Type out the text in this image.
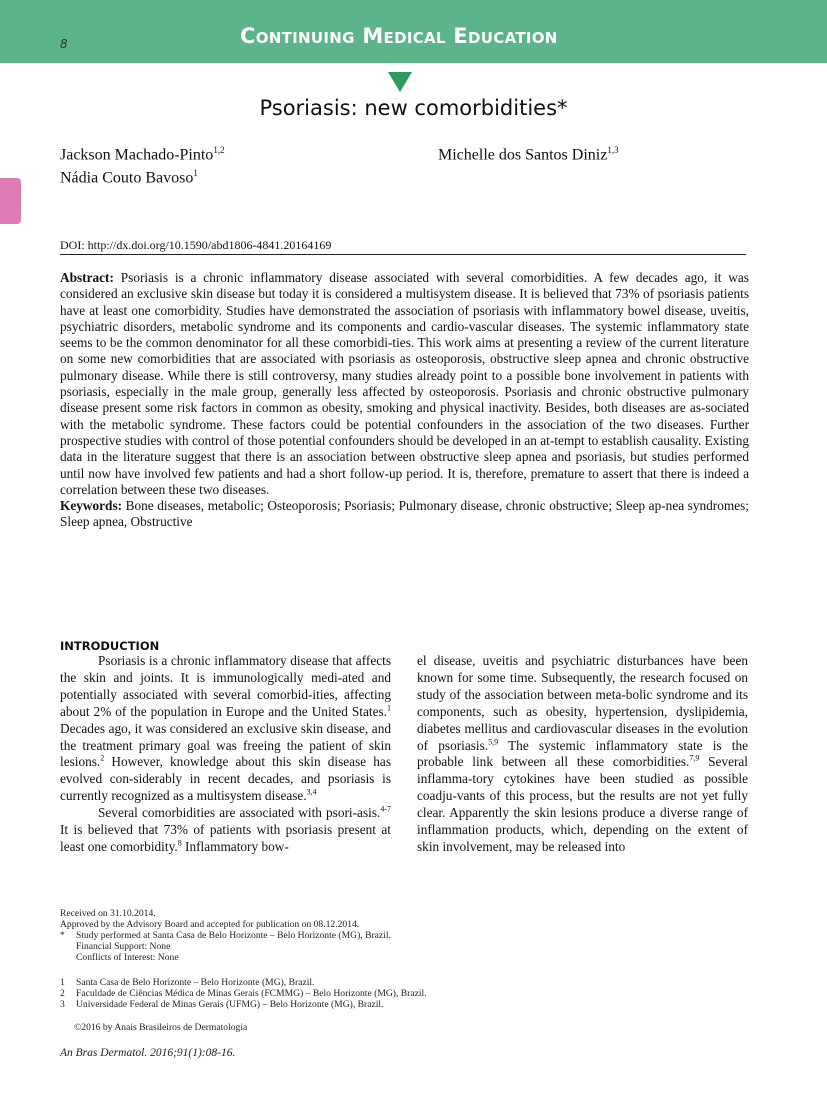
8	Continuing Medical Education
Psoriasis: new comorbidities*
Jackson Machado-Pinto$^{1,2}$	Michelle dos Santos Diniz$^{1,3}$
Nádia Couto Bavoso$^1$
DOI: http://dx.doi.org/10.1590/abd1806-4841.20164169
Abstract: Psoriasis is a chronic inflammatory disease associated with several comorbidities. A few decades ago, it was considered an exclusive skin disease but today it is considered a multisystem disease. It is believed that 73% of psoriasis patients have at least one comorbidity. Studies have demonstrated the association of psoriasis with inflammatory bowel disease, uveitis, psychiatric disorders, metabolic syndrome and its components and cardio-vascular diseases. The systemic inflammatory state seems to be the common denominator for all these comorbidi-ties. This work aims at presenting a review of the current literature on some new comorbidities that are associated with psoriasis as osteoporosis, obstructive sleep apnea and chronic obstructive pulmonary disease. While there is still controversy, many studies already point to a possible bone involvement in patients with psoriasis, especially in the male group, generally less affected by osteoporosis. Psoriasis and chronic obstructive pulmonary disease present some risk factors in common as obesity, smoking and physical inactivity. Besides, both diseases are as-sociated with the metabolic syndrome. These factors could be potential confounders in the association of the two diseases. Further prospective studies with control of those potential confounders should be developed in an at-tempt to establish causality. Existing data in the literature suggest that there is an association between obstructive sleep apnea and psoriasis, but studies performed until now have involved few patients and had a short follow-up period. It is, therefore, premature to assert that there is indeed a correlation between these two diseases.
Keywords: Bone diseases, metabolic; Osteoporosis; Psoriasis; Pulmonary disease, chronic obstructive; Sleep ap-nea syndromes; Sleep apnea, Obstructive
INTRODUCTION

Psoriasis is a chronic inflammatory disease that affects the skin and joints. It is immunologically medi-ated and potentially associated with several comorbid-ities, affecting about 2% of the population in Europe and the United States.$^1$ Decades ago, it was considered an exclusive skin disease, and the treatment primary goal was freeing the patient of skin lesions.$^2$ However, knowledge about this skin disease has evolved con-siderably in recent decades, and psoriasis is currently recognized as a multisystem disease.$^{3,4}$

Several comorbidities are associated with psori-asis.$^{4-7}$ It is believed that 73% of patients with psoriasis present at least one comorbidity.$^8$ Inflammatory bow-

el disease, uveitis and psychiatric disturbances have been known for some time. Subsequently, the research focused on study of the association between meta-bolic syndrome and its components, such as obesity, hypertension, dyslipidemia, diabetes mellitus and cardiovascular diseases in the evolution of psoriasis.$^{5,9}$ The systemic inflammatory state is the probable link between all these comorbidities.$^{7,9}$ Several inflamma-tory cytokines have been studied as possible coadju-vants of this process, but the results are not yet fully clear. Apparently the skin lesions produce a diverse range of inflammation products, which, depending on the extent of skin involvement, may be released into

Received on 31.10.2014.
Approved by the Advisory Board and accepted for publication on 08.12.2014.
*	Study performed at Santa Casa de Belo Horizonte – Belo Horizonte (MG), Brazil.
Financial Support: None
Conflicts of Interest: None
1	Santa Casa de Belo Horizonte – Belo Horizonte (MG), Brazil.
2	Faculdade de Ciências Médica de Minas Gerais (FCMMG) – Belo Horizonte (MG), Brazil.
3	Universidade Federal de Minas Gerais (UFMG) – Belo Horizonte (MG), Brazil.
©2016 by Anais Brasileiros de Dermatologia
An Bras Dermatol. 2016;91(1):08-16.
